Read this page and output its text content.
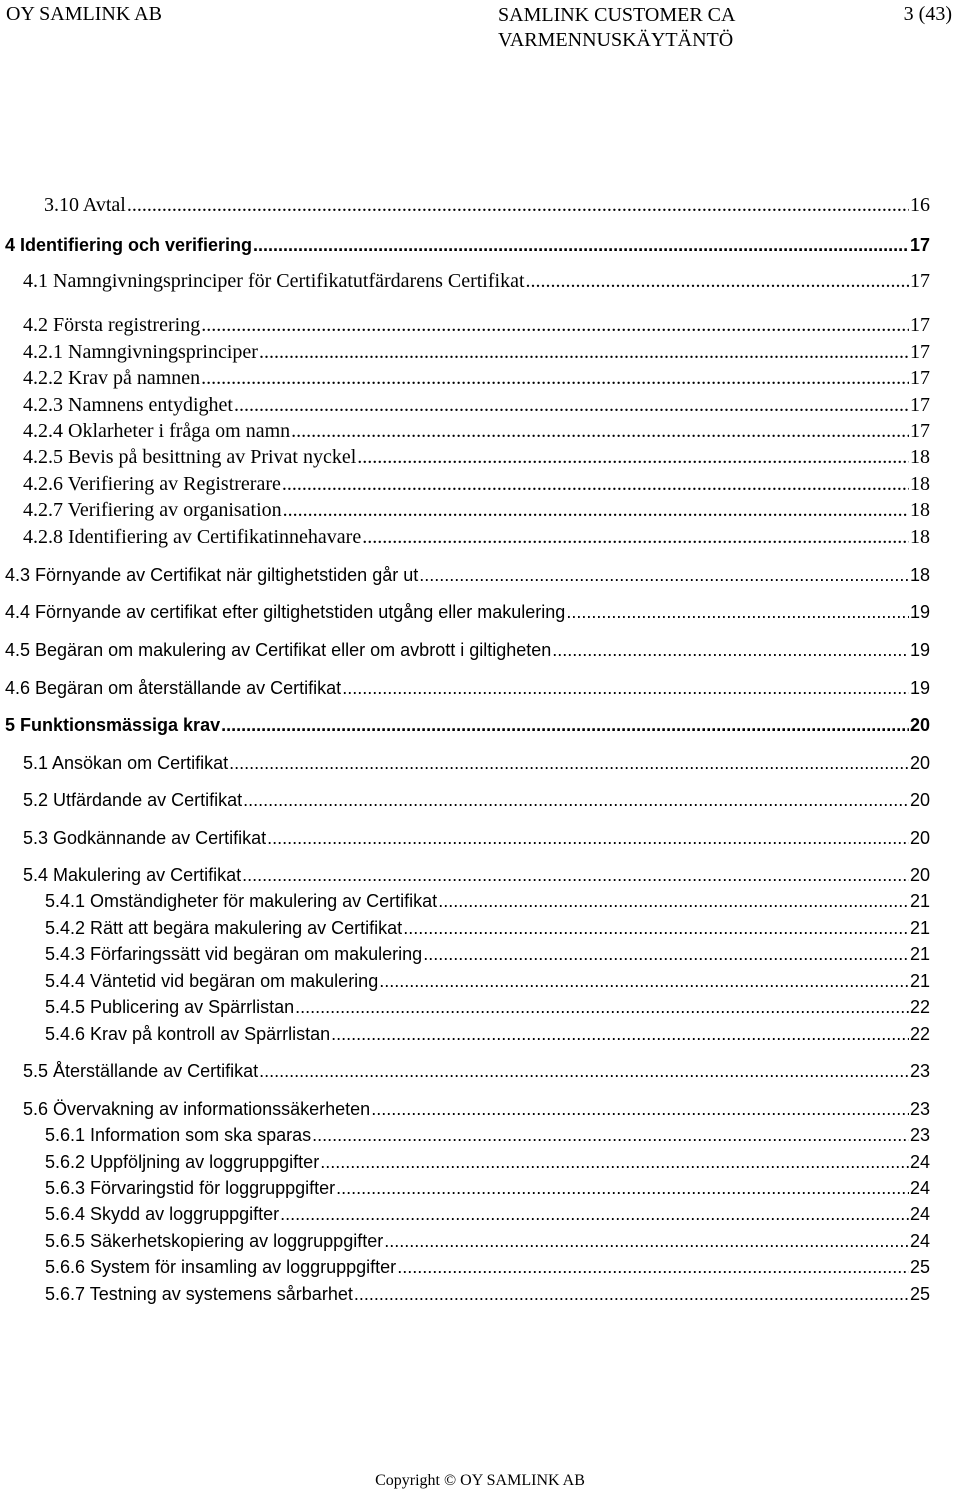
OY SAMLINK AB	SAMLINK CUSTOMER CA
VARMENNUSKÄYTÄNTÖ
3 (43)
3.10 Avtal .....	16
4 Identifiering och verifiering .....	17
4.1 Namngivningsprinciper för Certifikatutfärdarens Certifikat .....	17
4.2 Första registrering .....	17
4.2.1 Namngivningsprinciper .....	17
4.2.2 Krav på namnen .....	17
4.2.3 Namnens entydighet .....	17
4.2.4 Oklarheter i fråga om namn .....	17
4.2.5 Bevis på besittning av Privat nyckel .....	18
4.2.6 Verifiering av Registrerare .....	18
4.2.7 Verifiering av organisation .....	18
4.2.8 Identifiering av Certifikatinnehavare .....	18
4.3 Förnyande av Certifikat när giltighetstiden går ut .....	18
4.4 Förnyande av certifikat efter giltighetstiden utgång eller makulering .....	19
4.5 Begäran om makulering av Certifikat eller om avbrott i giltigheten .....	19
4.6 Begäran om återställande av Certifikat .....	19
5 Funktionsmässiga krav .....	20
5.1 Ansökan om Certifikat .....	20
5.2 Utfärdande av Certifikat .....	20
5.3 Godkännande av Certifikat .....	20
5.4 Makulering av Certifikat .....	20
5.4.1 Omständigheter för makulering av Certifikat .....	21
5.4.2 Rätt att begära makulering av Certifikat .....	21
5.4.3 Förfaringssätt vid begäran om makulering .....	21
5.4.4 Väntetid vid begäran om makulering .....	21
5.4.5 Publicering av Spärrlistan .....	22
5.4.6 Krav på kontroll av Spärrlistan .....	22
5.5 Återställande av Certifikat .....	23
5.6 Övervakning av informationssäkerheten .....	23
5.6.1 Information som ska sparas .....	23
5.6.2 Uppföljning av loggruppgifter .....	24
5.6.3 Förvaringstid för loggruppgifter .....	24
5.6.4 Skydd av loggruppgifter .....	24
5.6.5 Säkerhetskopiering av loggruppgifter .....	24
5.6.6 System för insamling av loggruppgifter .....	25
5.6.7 Testning av systemens sårbarhet .....	25
Copyright © OY SAMLINK AB
